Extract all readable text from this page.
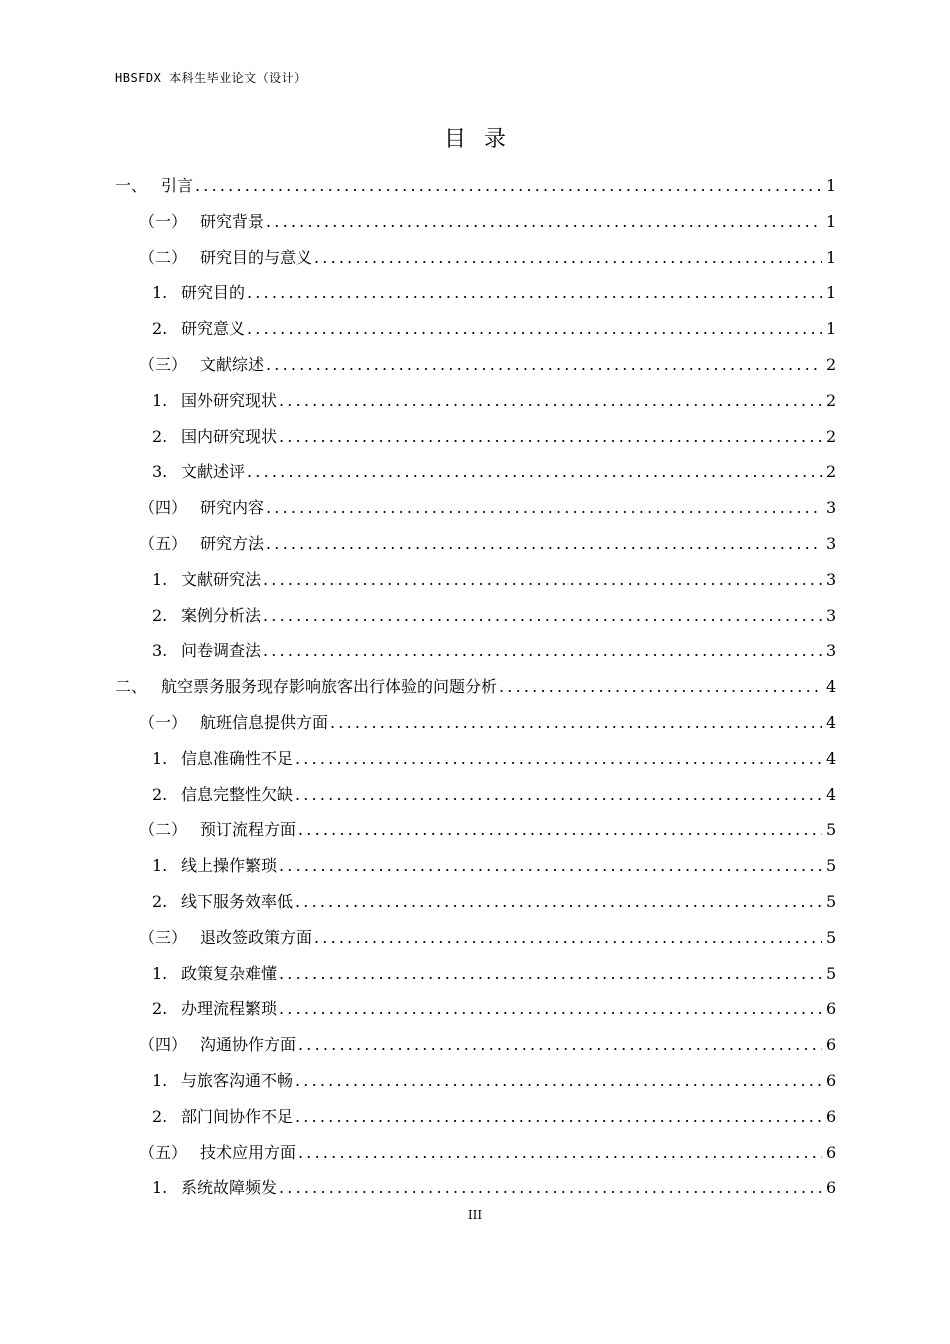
HBSFDX 本科生毕业论文（设计）
目录
一、 引言 .....	1
（一） 研究背景 .....	1
（二） 研究目的与意义 .....	1
1. 研究目的 .....	1
2. 研究意义 .....	1
（三） 文献综述 .....	2
1. 国外研究现状 .....	2
2. 国内研究现状 .....	2
3. 文献述评 .....	2
（四） 研究内容 .....	3
（五） 研究方法 .....	3
1. 文献研究法 .....	3
2. 案例分析法 .....	3
3. 问卷调查法 .....	3
二、 航空票务服务现存影响旅客出行体验的问题分析 .....	4
（一） 航班信息提供方面 .....	4
1. 信息准确性不足 .....	4
2. 信息完整性欠缺 .....	4
（二） 预订流程方面 .....	5
1. 线上操作繁琐 .....	5
2. 线下服务效率低 .....	5
（三） 退改签政策方面 .....	5
1. 政策复杂难懂 .....	5
2. 办理流程繁琐 .....	6
（四） 沟通协作方面 .....	6
1. 与旅客沟通不畅 .....	6
2. 部门间协作不足 .....	6
（五） 技术应用方面 .....	6
1. 系统故障频发 .....	6
III
